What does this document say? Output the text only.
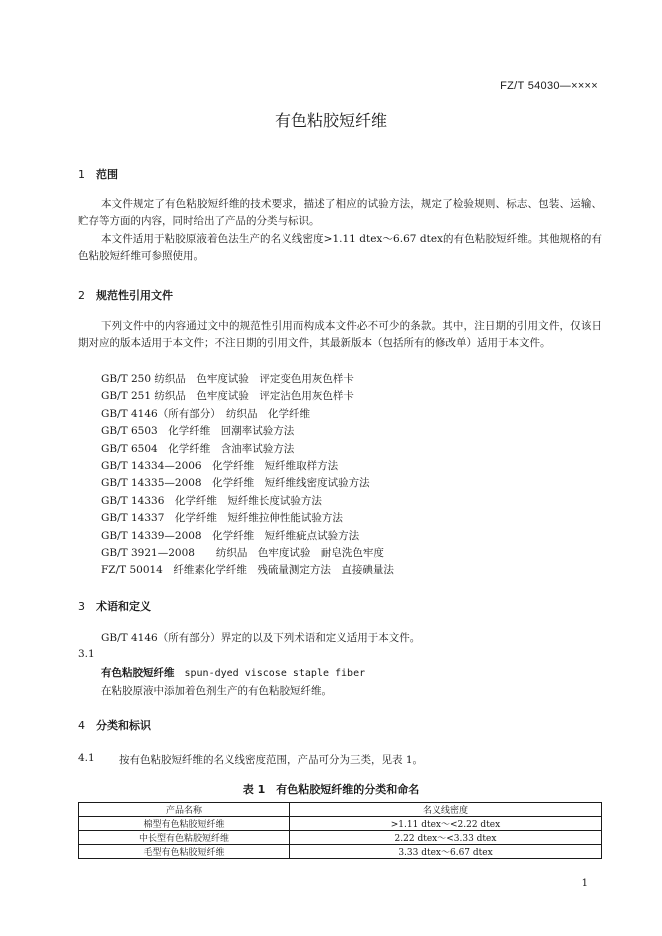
FZ/T 54030—××××
有色粘胶短纤维
1 范围
本文件规定了有色粘胶短纤维的技术要求，描述了相应的试验方法，规定了检验规则、标志、包装、运输、贮存等方面的内容，同时给出了产品的分类与标识。
本文件适用于粘胶原液着色法生产的名义线密度>1.11 dtex～6.67 dtex的有色粘胶短纤维。其他规格的有色粘胶短纤维可参照使用。
2 规范性引用文件
下列文件中的内容通过文中的规范性引用而构成本文件必不可少的条款。其中，注日期的引用文件，仅该日期对应的版本适用于本文件；不注日期的引用文件，其最新版本（包括所有的修改单）适用于本文件。
GB/T 250 纺织品　色牢度试验　评定变色用灰色样卡
GB/T 251 纺织品　色牢度试验　评定沾色用灰色样卡
GB/T 4146（所有部分）　纺织品　化学纤维
GB/T 6503　化学纤维　回潮率试验方法
GB/T 6504　化学纤维　含油率试验方法
GB/T 14334—2006　化学纤维　短纤维取样方法
GB/T 14335—2008　化学纤维　短纤维线密度试验方法
GB/T 14336　化学纤维　短纤维长度试验方法
GB/T 14337　化学纤维　短纤维拉伸性能试验方法
GB/T 14339—2008　化学纤维　短纤维疵点试验方法
GB/T 3921—2008　　纺织品　色牢度试验　耐皂洗色牢度
FZ/T 50014　纤维素化学纤维　残硫量测定方法　直接碘量法
3 术语和定义
GB/T 4146（所有部分）界定的以及下列术语和定义适用于本文件。
3.1
有色粘胶短纤维 spun-dyed viscose staple fiber
在粘胶原液中添加着色剂生产的有色粘胶短纤维。
4 分类和标识
4.1 按有色粘胶短纤维的名义线密度范围，产品可分为三类，见表 1。
表 1　有色粘胶短纤维的分类和命名
产品名称	名义线密度
棉型有色粘胶短纤维	>1.11 dtex～<2.22 dtex
中长型有色粘胶短纤维	2.22 dtex～<3.33 dtex
毛型有色粘胶短纤维	3.33 dtex～6.67 dtex
1
